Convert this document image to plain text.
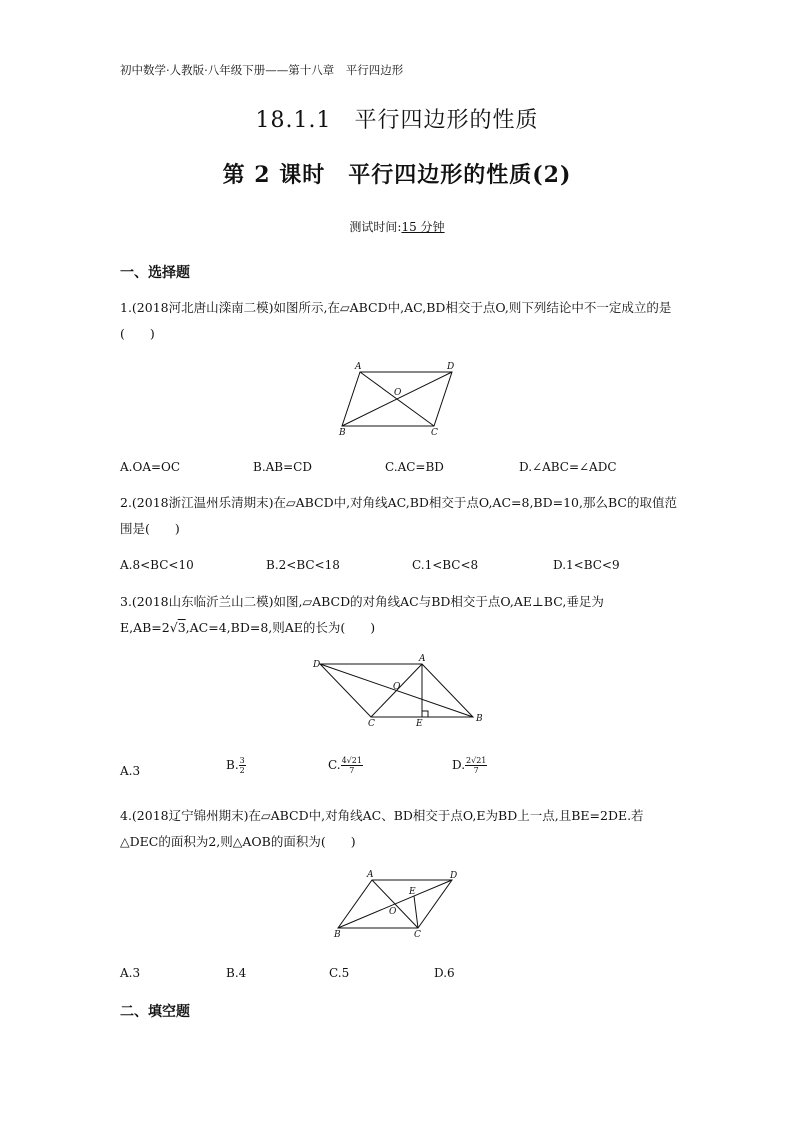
初中数学·人教版·八年级下册——第十八章　平行四边形
18.1.1　平行四边形的性质
第 2 课时　平行四边形的性质(2)
测试时间:15 分钟
一、选择题
1.(2018河北唐山滦南二模)如图所示,在▱ABCD中,AC,BD相交于点O,则下列结论中不一定成立的是(　　)
A	D
O
B	C
A.OA=OC	B.AB=CD	C.AC=BD	D.∠ABC=∠ADC
2.(2018浙江温州乐清期末)在▱ABCD中,对角线AC,BD相交于点O,AC=8,BD=10,那么BC的取值范围是(　　)
A.8<BC<10	B.2<BC<18	C.1<BC<8	D.1<BC<9
3.(2018山东临沂兰山二模)如图,▱ABCD的对角线AC与BD相交于点O,AE⊥BC,垂足为E,AB=2√3,AC=4,BD=8,则AE的长为(　　)
D
A
O
C	E	B
A.3	B. $\frac{3}{2}$	C. $\frac{4√21}{7}$	D. $\frac{2√21}{7}$
4.(2018辽宁锦州期末)在▱ABCD中,对角线AC、BD相交于点O,E为BD上一点,且BE=2DE.若△DEC的面积为2,则△AOB的面积为(　　)
A	D
E
O
B	C
A.3	B.4	C.5	D.6
二、填空题
